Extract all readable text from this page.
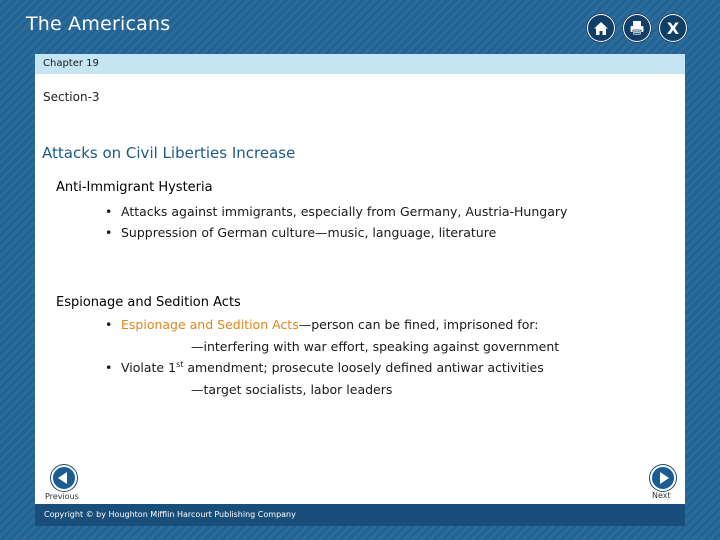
The Americans	X
Chapter 19
Section-3
Attacks on Civil Liberties Increase
Anti-Immigrant Hysteria
• Attacks against immigrants, especially from Germany, Austria-Hungary
• Suppression of German culture—music, language, literature
Espionage and Sedition Acts
• Espionage and Sedition Acts—person can be fined, imprisoned for:
—interfering with war effort, speaking against government
• Violate 1st amendment; prosecute loosely defined antiwar activities
—target socialists, labor leaders
Previous	Next
Copyright © by Houghton Mifflin Harcourt Publishing Company
